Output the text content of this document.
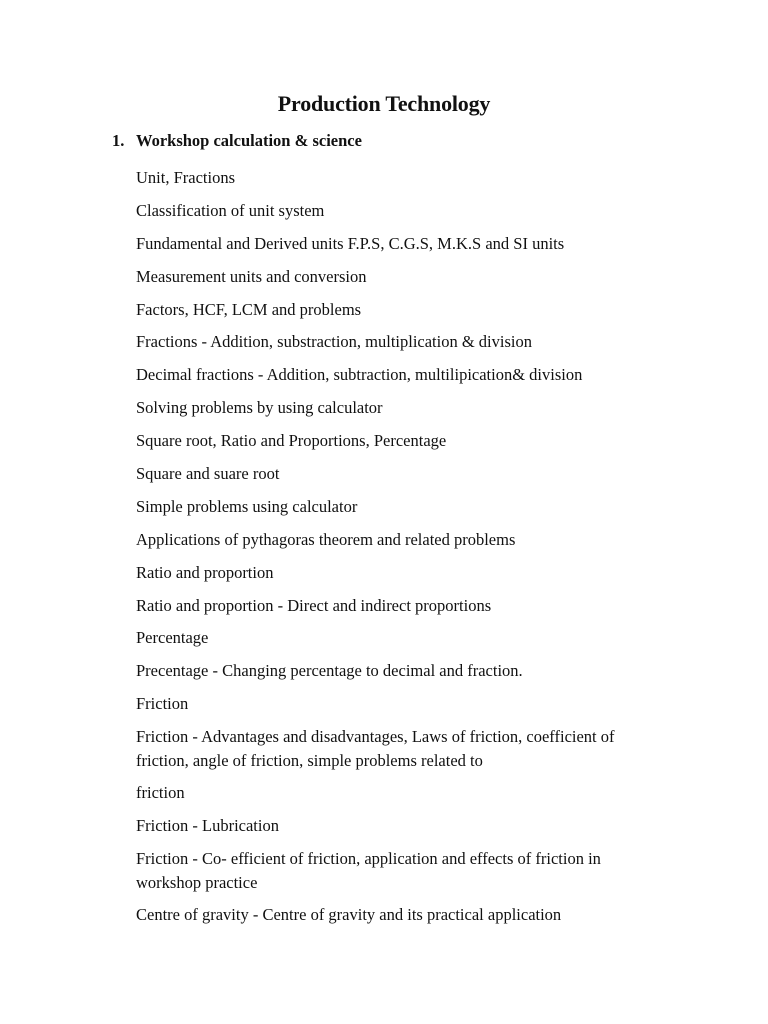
Production Technology
1. Workshop calculation & science
Unit, Fractions
Classification of unit system
Fundamental and Derived units F.P.S, C.G.S, M.K.S and SI units
Measurement units and conversion
Factors, HCF, LCM and problems
Fractions - Addition, substraction, multiplication & division
Decimal fractions - Addition, subtraction, multilipication& division
Solving problems by using calculator
Square root, Ratio and Proportions, Percentage
Square and suare root
Simple problems using calculator
Applications of pythagoras theorem and related problems
Ratio and proportion
Ratio and proportion - Direct and indirect proportions
Percentage
Precentage - Changing percentage to decimal and fraction.
Friction
Friction - Advantages and disadvantages, Laws of friction, coefficient of friction, angle of friction, simple problems related to
friction
Friction - Lubrication
Friction - Co- efficient of friction, application and effects of friction in workshop practice
Centre of gravity - Centre of gravity and its practical application
